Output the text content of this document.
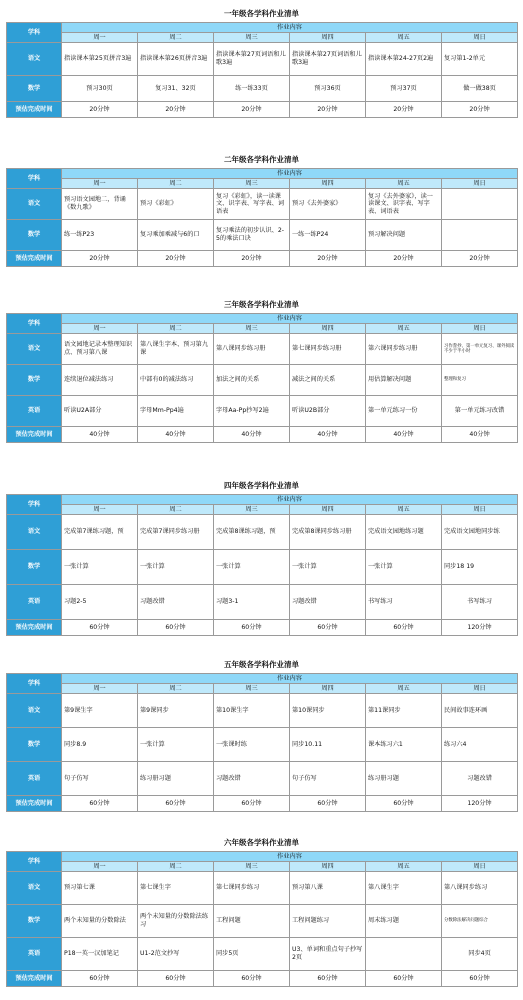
一年级各学科作业清单
学科	作业内容					
	周一	周二	周三	周四	周五	周日
语文	指读课本第25页拼音3遍	指读课本第26页拼音3遍	指读课本第27页词语和儿歌3遍	指读课本第27页词语和儿歌3遍	指读课本第24-27页2遍	复习第1-2单元
数学	预习30页	复习31、32页	练一练33页	预习36页	预习37页	做一做38页
预估完成时间	20分钟	20分钟	20分钟	20分钟	20分钟	20分钟
二年级各学科作业清单
学科	作业内容					
	周一	周二	周三	周四	周五	周日
语文	预习语文园地二，背诵《数九歌》	预习《彩虹》	复习《彩虹》，读一读课文、识字表、写字表、词语表	预习《去外婆家》	复习《去外婆家》，读一读课文、识字表、写字表、词语表	
数学	练一练P23	复习乘加乘减与6的口	复习乘法的初步认识、2-5的乘法口诀	一练一练P24	预习解决问题	
预估完成时间	20分钟	20分钟	20分钟	20分钟	20分钟	20分钟
三年级各学科作业清单
学科	作业内容					
	周一	周二	周三	周四	周五	周日
语文	语文园地记录本整理知识点、预习第八课	第八课生字本、预习第九课	第八课同步练习册	第七课同步练习册	第六课同步练习册	习作誊抄、第一单元复习、课外阅读不少于半小时
数学	连续退位减法练习	中部有0的减法练习	加法之间的关系	减法之间的关系	用估算解决问题	整理和复习
英语	听读U2A部分	字母Mm-Pp4遍	字母Aa-Pp抄写2遍	听读U2B部分	第一单元练习一份	第一单元练习改错
预估完成时间	40分钟	40分钟	40分钟	40分钟	40分钟	40分钟
四年级各学科作业清单
学科	作业内容					
	周一	周二	周三	周四	周五	周日
语文	完成第7课练习题，预	完成第7课同步练习册	完成第8课练习题，预	完成第8课同步练习册	完成语文园地练习题	完成语文园地同步练
数学	一张计算	一张计算	一张计算	一张计算	一张计算	同步18 19
英语	习题2-5	习题改错	习题3-1	习题改错	书写练习	书写练习
预估完成时间	60分钟	60分钟	60分钟	60分钟	60分钟	120分钟
五年级各学科作业清单
学科	作业内容					
	周一	周二	周三	周四	周五	周日
语文	第9课生字	第9课同步	第10课生字	第10课同步	第11课同步	民间故事连环画
数学	同步8.9	一张计算	一张课时练	同步10.11	课本练习六1	练习六4
英语	句子仿写	练习册习题	习题改错	句子仿写	练习册习题	习题改错
预估完成时间	60分钟	60分钟	60分钟	60分钟	60分钟	120分钟
六年级各学科作业清单
学科	作业内容					
	周一	周二	周三	周四	周五	周日
语文	预习第七课	第七课生字	第七课同步练习	预习第八课	第八课生字	第八课同步练习
数学	两个未知量的分数除法	两个未知量的分数除法练习	工程问题	工程问题练习	周末练习题	分数除法解决问题综合
英语	P18一英一汉加笔记	U1-2范文抄写	同步5页	U3、单词和重点句子抄写2页		同步4页
预估完成时间	60分钟	60分钟	60分钟	60分钟	60分钟	60分钟
